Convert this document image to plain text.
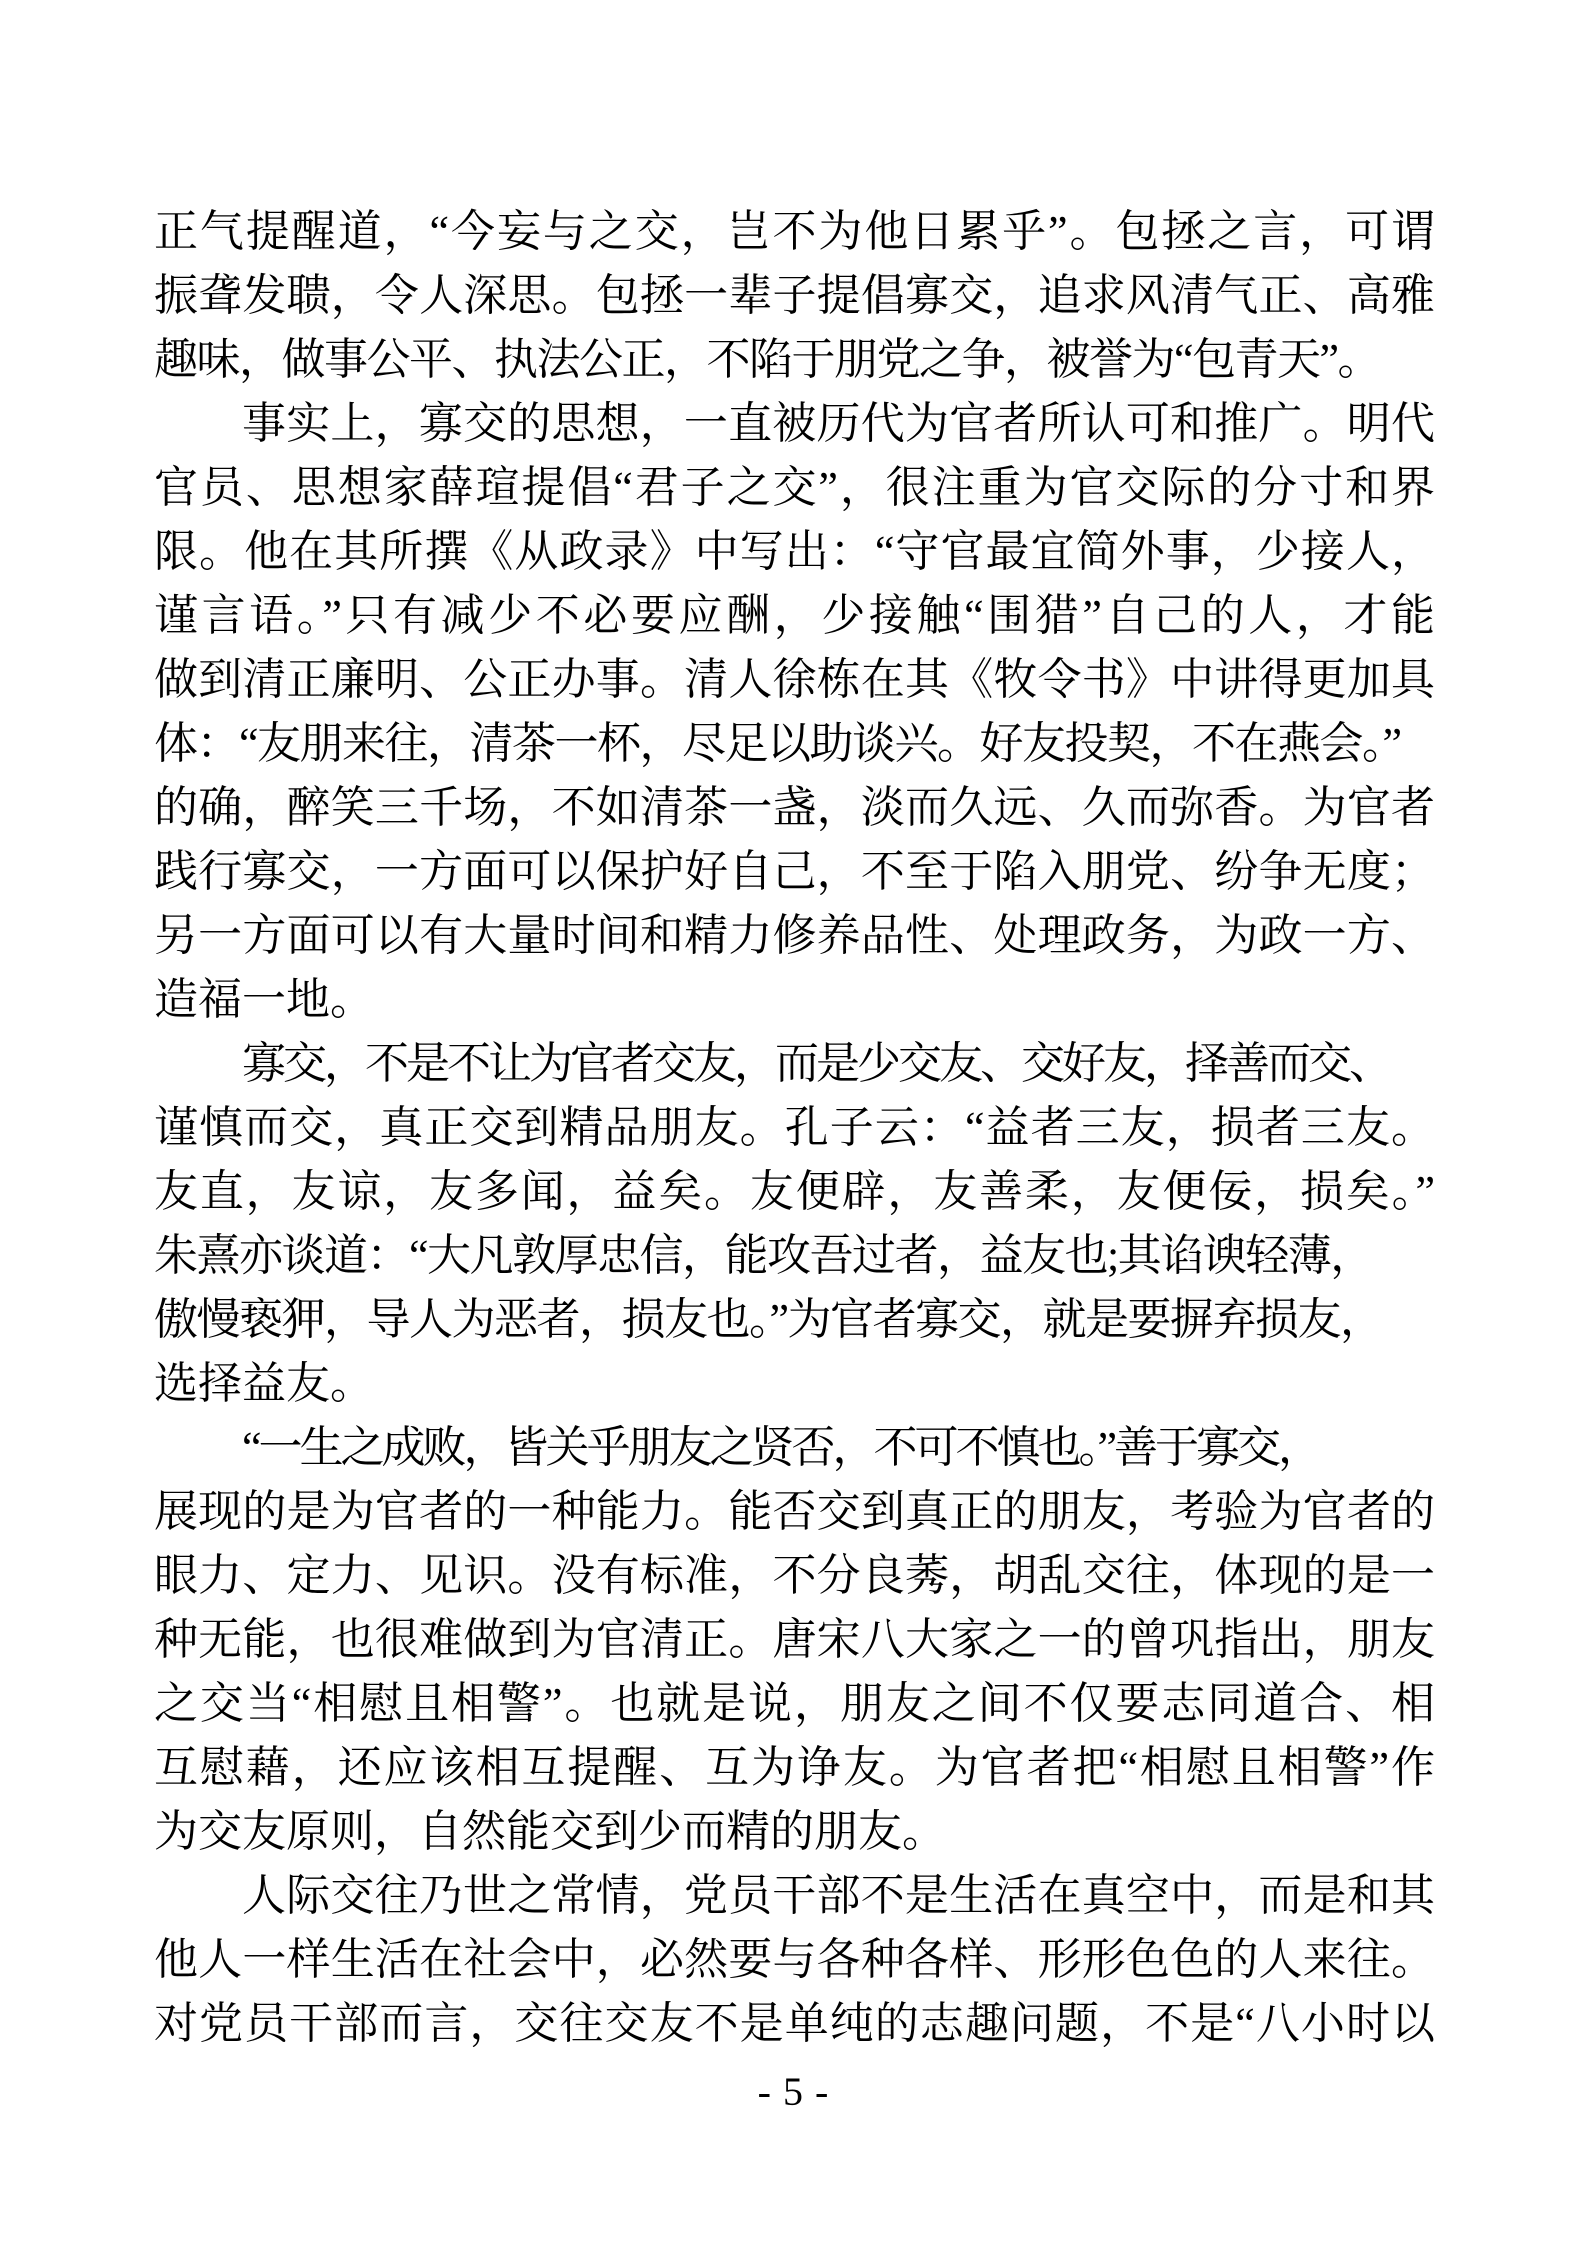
正气提醒道，“今妄与之交，岂不为他日累乎”。包拯之言，可谓
振聋发聩，令人深思。包拯一辈子提倡寡交，追求风清气正、高雅
趣味，做事公平、执法公正，不陷于朋党之争，被誉为“包青天”。
事实上，寡交的思想，一直被历代为官者所认可和推广。明代
官员、思想家薛瑄提倡“君子之交”，很注重为官交际的分寸和界
限。他在其所撰《从政录》中写出：“守官最宜简外事，少接人，
谨言语。”只有减少不必要应酬，少接触“围猎”自己的人，才能
做到清正廉明、公正办事。清人徐栋在其《牧令书》中讲得更加具
体：“友朋来往，清茶一杯，尽足以助谈兴。好友投契，不在燕会。”
的确，醉笑三千场，不如清茶一盏，淡而久远、久而弥香。为官者
践行寡交，一方面可以保护好自己，不至于陷入朋党、纷争无度；
另一方面可以有大量时间和精力修养品性、处理政务，为政一方、
造福一地。
寡交，不是不让为官者交友，而是少交友、交好友，择善而交、
谨慎而交，真正交到精品朋友。孔子云：“益者三友，损者三友。
友直，友谅，友多闻，益矣。友便辟，友善柔，友便佞，损矣。”
朱熹亦谈道：“大凡敦厚忠信，能攻吾过者，益友也;其谄谀轻薄，
傲慢亵狎，导人为恶者，损友也。”为官者寡交，就是要摒弃损友，
选择益友。
“一生之成败，皆关乎朋友之贤否，不可不慎也。”善于寡交，
展现的是为官者的一种能力。能否交到真正的朋友，考验为官者的
眼力、定力、见识。没有标准，不分良莠，胡乱交往，体现的是一
种无能，也很难做到为官清正。唐宋八大家之一的曾巩指出，朋友
之交当“相慰且相警”。也就是说，朋友之间不仅要志同道合、相
互慰藉，还应该相互提醒、互为诤友。为官者把“相慰且相警”作
为交友原则，自然能交到少而精的朋友。
人际交往乃世之常情，党员干部不是生活在真空中，而是和其
他人一样生活在社会中，必然要与各种各样、形形色色的人来往。
对党员干部而言，交往交友不是单纯的志趣问题，不是“八小时以
- 5 -
